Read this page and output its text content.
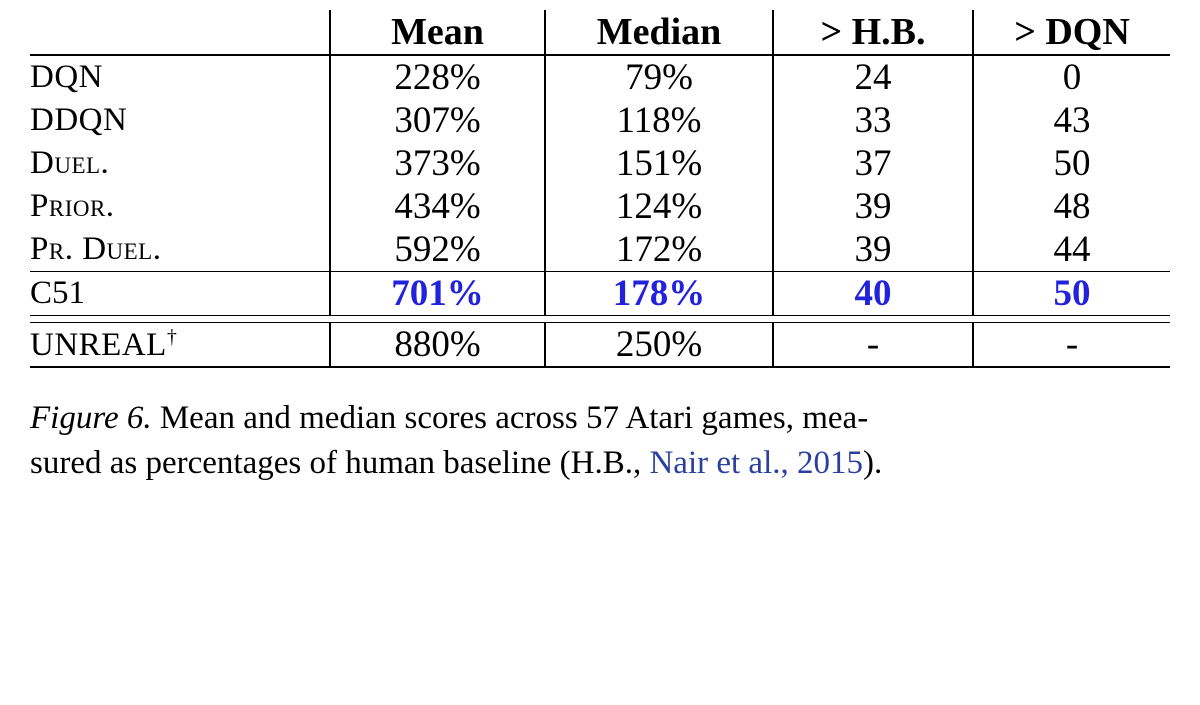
	Mean	Median	> H.B.	> DQN

DQN	228%	79%	24	0
DDQN	307%	118%	33	43
Duel.	373%	151%	37	50
Prior.	434%	124%	39	48
Pr. Duel.	592%	172%	39	44

C51	701%	178%	40	50

UNREAL†	880%	250%	-	-

Figure 6. Mean and median scores across 57 Atari games, mea-
sured as percentages of human baseline (H.B., Nair et al., 2015).
